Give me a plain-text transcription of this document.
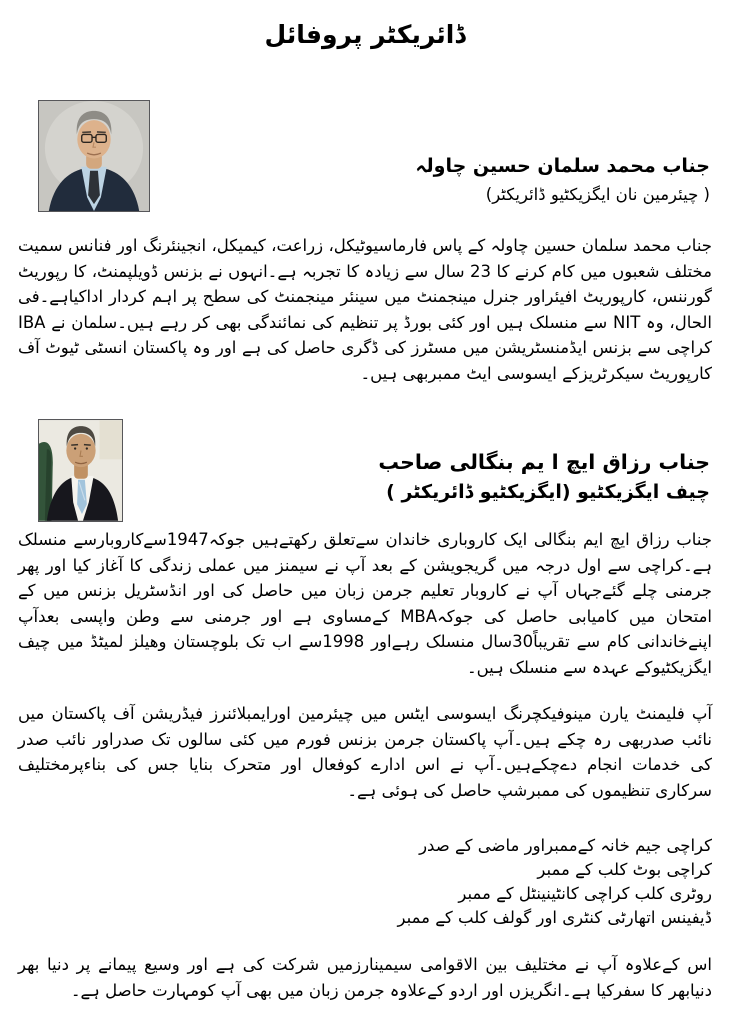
ڈائریکٹر پروفائل
جناب محمد سلمان حسین چاولہ
( چیئرمین نان ایگزیکٹیو ڈائریکٹر)

جناب محمد سلمان حسین چاولہ کے پاس فارماسیوٹیکل، زراعت، کیمیکل، انجینئرنگ اور فنانس سمیت مختلف شعبوں میں کام کرنے کا 23 سال سے زیادہ کا تجربہ ہے۔انہوں نے بزنس ڈویلپمنٹ، کا رپوریٹ گورننس، کارپوریٹ افیئراور جنرل مینجمنٹ میں سینئر مینجمنٹ کی سطح پر اہم کردار اداکیاہے۔فی الحال، وہ NIT سے منسلک ہیں اور کئی بورڈ پر تنظیم کی نمائندگی بھی کر رہے ہیں۔سلمان نے IBA کراچی سے بزنس ایڈمنسٹریشن میں مسٹرز کی ڈگری حاصل کی ہے اور وہ پاکستان انسٹی ٹیوٹ آف کارپوریٹ سیکرٹریزکے ایسوسی ایٹ ممبربھی ہیں۔

جناب رزاق ایچ ا یم بنگالی صاحب
چیف ایگزیکٹیو (ایگزیکٹیو ڈائریکٹر )

جناب رزاق ایچ ایم بنگالی ایک کاروباری خاندان سےتعلق رکھتےہیں جوکہ1947سےکاروبارسے منسلک ہے۔کراچی سے اول درجہ میں گریجویشن کے بعد آپ نے سیمنز میں عملی زندگی کا آغاز کیا اور پھر جرمنی چلے گئےجہاں آپ نے کاروبار تعلیم جرمن زبان میں حاصل کی اور انڈسٹریل بزنس میں کے امتحان میں کامیابی حاصل کی جوکہMBA کےمساوی ہے اور جرمنی سے وطن واپسی بعدآپ اپنےخاندانی کام سے تقریباً30سال منسلک رہےاور 1998سے اب تک بلوچستان وھیلز لمیٹڈ میں چیف ایگزیکٹیوکے عہدہ سے منسلک ہیں۔

آپ فلیمنٹ یارن مینوفیکچرنگ ایسوسی ایٹس میں چیئرمین اورایمبلائنرز فیڈریشن آف پاکستان میں نائب صدربھی رہ چکے ہیں۔آپ پاکستان جرمن بزنس فورم میں کئی سالوں تک صدراور نائب صدر کی خدمات انجام دےچکےہیں۔آپ نے اس ادارے کوفعال اور متحرک بنایا جس کی بناءپرمختلیف سرکاری تنظیموں کی ممبرشپ حاصل کی ہوئی ہے۔

کراچی جیم خانہ کےممبراور ماضی کے صدر
کراچی بوٹ کلب کے ممبر
روٹری کلب کراچی کانٹینینٹل کے ممبر
ڈیفینس اتھارٹی کنٹری اور گولف کلب کے ممبر

اس کےعلاوہ آپ نے مختلیف بین الاقوامی سیمینارزمیں شرکت کی ہے اور وسیع پیمانے پر دنیا بھر دنیابھر کا سفرکیا ہے۔انگریزں اور اردو کےعلاوہ جرمن زبان میں بھی آپ کومہارت حاصل ہے۔
